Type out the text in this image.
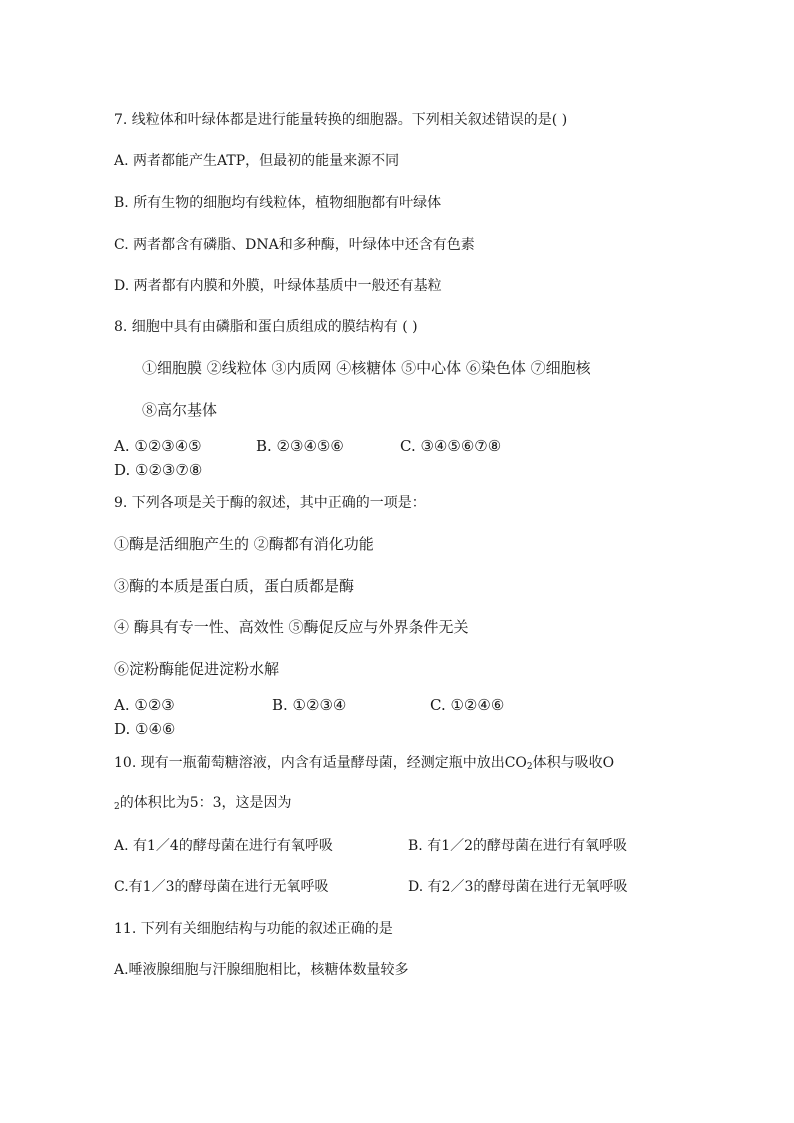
7. 线粒体和叶绿体都是进行能量转换的细胞器。下列相关叙述错误的是( )
A. 两者都能产生ATP，但最初的能量来源不同
B. 所有生物的细胞均有线粒体，植物细胞都有叶绿体
C. 两者都含有磷脂、DNA和多种酶，叶绿体中还含有色素
D. 两者都有内膜和外膜，叶绿体基质中一般还有基粒
8. 细胞中具有由磷脂和蛋白质组成的膜结构有 ( )
①细胞膜 ②线粒体 ③内质网 ④核糖体 ⑤中心体 ⑥染色体 ⑦细胞核
⑧高尔基体
A. ①②③④⑤	B. ②③④⑤⑥	C. ③④⑤⑥⑦⑧
D. ①②③⑦⑧
9. 下列各项是关于酶的叙述，其中正确的一项是：
①酶是活细胞产生的 ②酶都有消化功能
③酶的本质是蛋白质，蛋白质都是酶
④ 酶具有专一性、高效性 ⑤酶促反应与外界条件无关
⑥淀粉酶能促进淀粉水解
A. ①②③	B. ①②③④	C. ①②④⑥
D. ①④⑥
10. 现有一瓶葡萄糖溶液，内含有适量酵母菌，经测定瓶中放出$CO_2$体积与吸收O
$_2$的体积比为5：3，这是因为
A. 有1／4的酵母菌在进行有氧呼吸	B. 有1／2的酵母菌在进行有氧呼吸
C.有1／3的酵母菌在进行无氧呼吸	D. 有2／3的酵母菌在进行无氧呼吸
11. 下列有关细胞结构与功能的叙述正确的是
A.唾液腺细胞与汗腺细胞相比，核糖体数量较多
